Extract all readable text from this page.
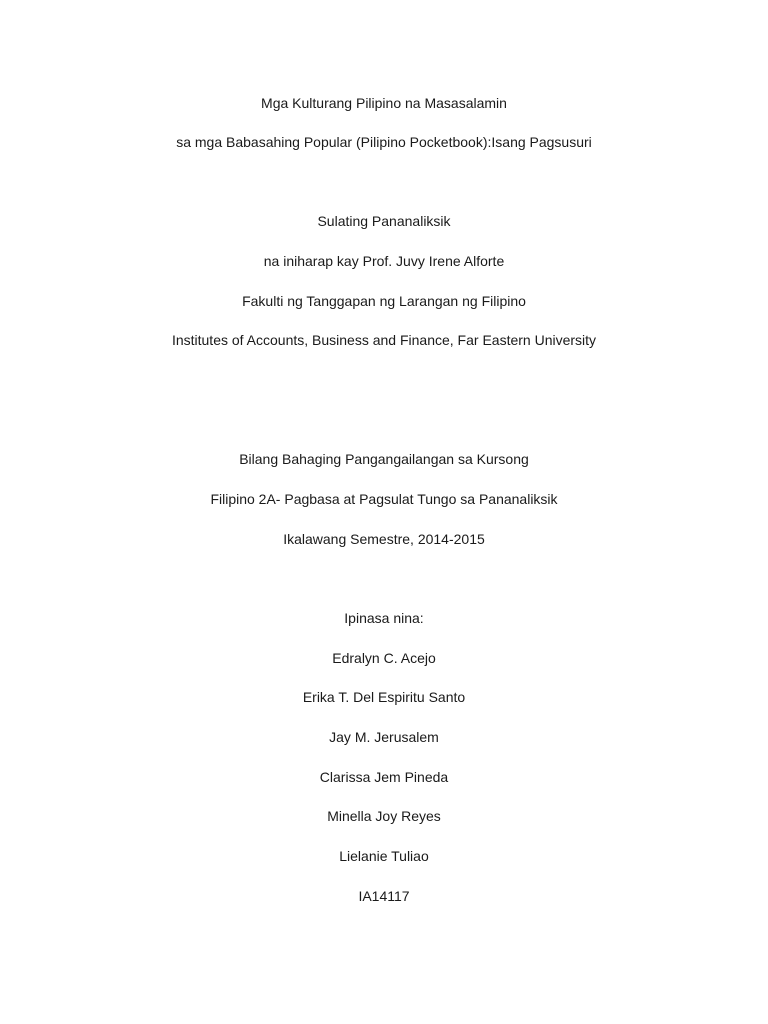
Mga Kulturang Pilipino na Masasalamin
sa mga Babasahing Popular (Pilipino Pocketbook):Isang Pagsusuri
Sulating Pananaliksik
na iniharap kay Prof. Juvy Irene Alforte
Fakulti ng Tanggapan ng Larangan ng Filipino
Institutes of Accounts, Business and Finance, Far Eastern University
Bilang Bahaging Pangangailangan sa Kursong
Filipino 2A- Pagbasa at Pagsulat Tungo sa Pananaliksik
Ikalawang Semestre, 2014-2015
Ipinasa nina:
Edralyn C. Acejo
Erika T. Del Espiritu Santo
Jay M. Jerusalem
Clarissa Jem Pineda
Minella Joy Reyes
Lielanie Tuliao
IA14117
